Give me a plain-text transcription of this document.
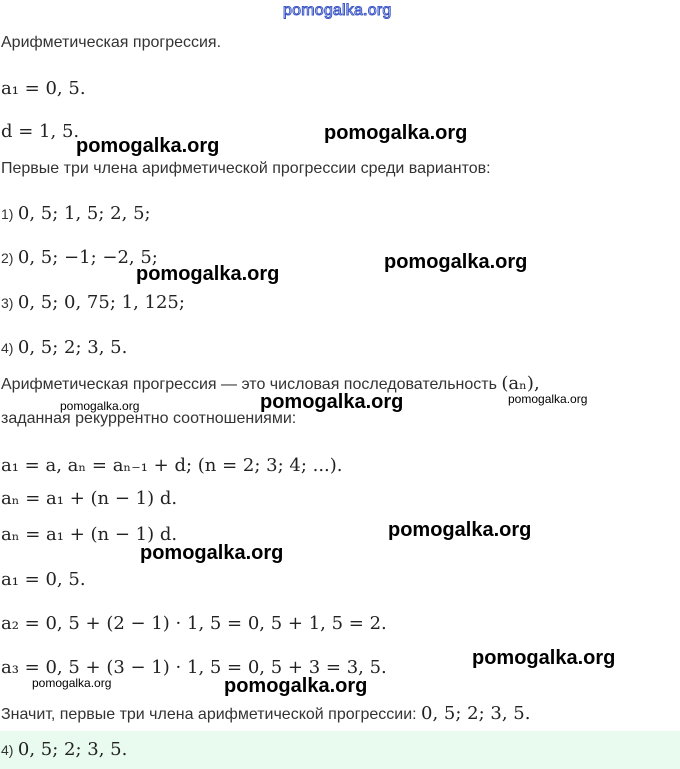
pomogalka.org
Арифметическая прогрессия.
a₁ = 0, 5.
d = 1, 5.
Первые три члена арифметической прогрессии среди вариантов:
1) 0, 5; 1, 5; 2, 5;
2) 0, 5; −1; −2, 5;
3) 0, 5; 0, 75; 1, 125;
4) 0, 5; 2; 3, 5.
Арифметическая прогрессия — это числовая последовательность (aₙ),
заданная рекуррентно соотношениями:
a₁ = a, aₙ = aₙ₋₁ + d; (n = 2; 3; 4; ...).
aₙ = a₁ + (n − 1) d.
aₙ = a₁ + (n − 1) d.
a₁ = 0, 5.
a₂ = 0, 5 + (2 − 1) · 1, 5 = 0, 5 + 1, 5 = 2.
a₃ = 0, 5 + (3 − 1) · 1, 5 = 0, 5 + 3 = 3, 5.
Значит, первые три члена арифметической прогрессии: 0, 5; 2; 3, 5.
4) 0, 5; 2; 3, 5.
pomogalka.org
pomogalka.org
pomogalka.org
pomogalka.org
pomogalka.org	pomogalka.org	pomogalka.org
pomogalka.org
pomogalka.org
pomogalka.org
pomogalka.org	pomogalka.org
